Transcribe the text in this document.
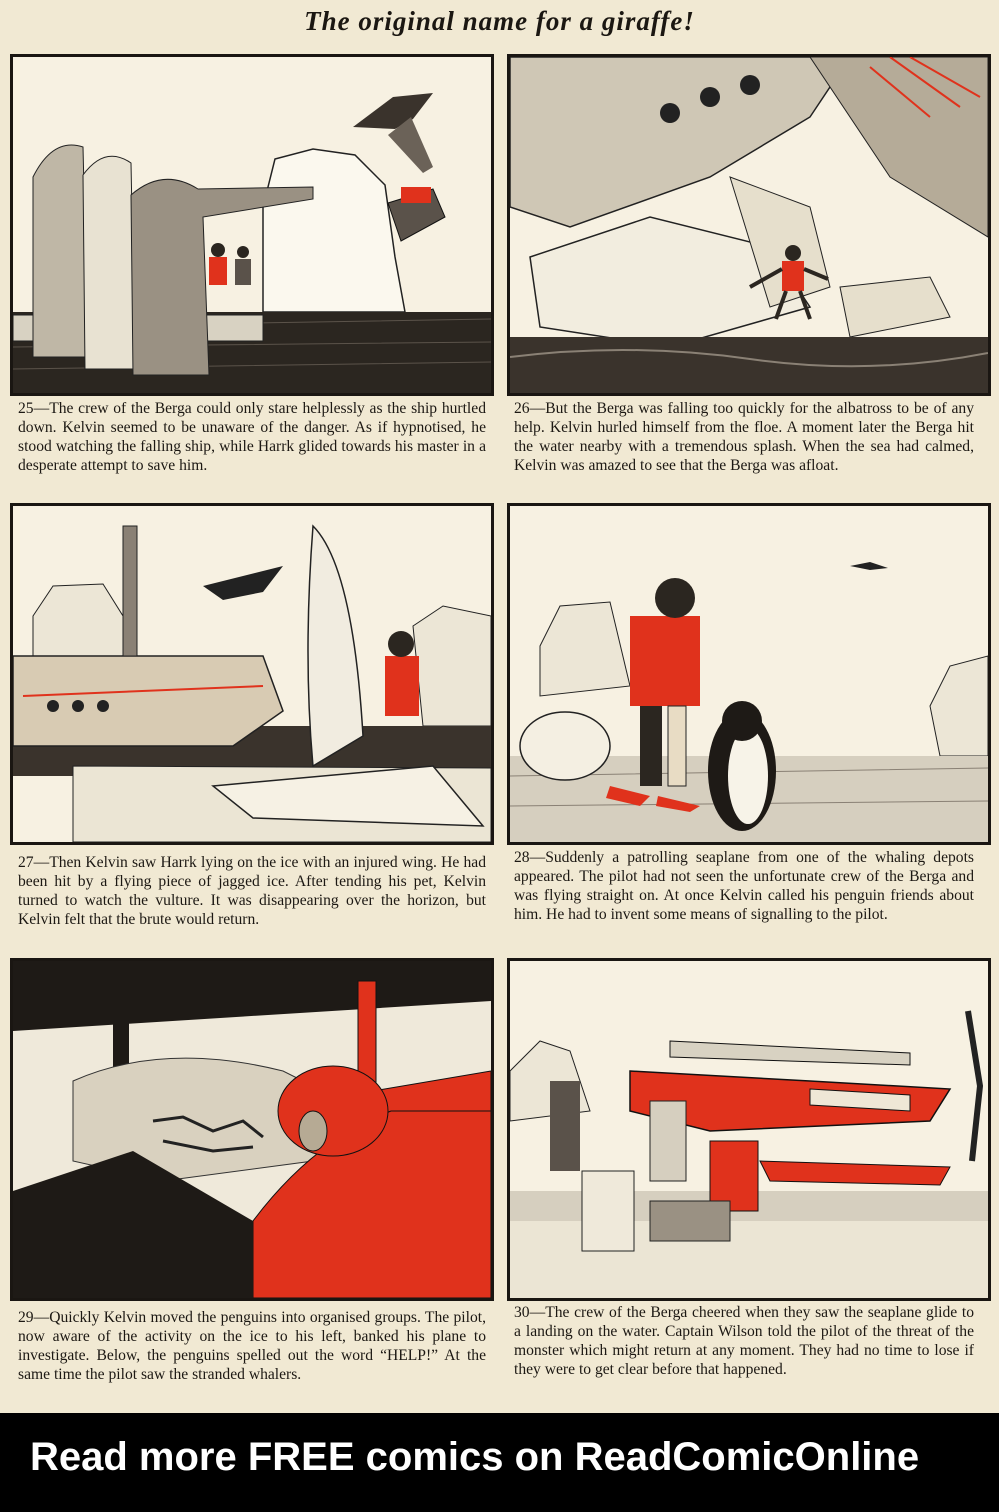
The original name for a giraffe!
25—The crew of the Berga could only stare helplessly as the ship hurtled down. Kelvin seemed to be unaware of the danger. As if hypnotised, he stood watching the falling ship, while Harrk glided towards his master in a desperate attempt to save him.
26—But the Berga was falling too quickly for the albatross to be of any help. Kelvin hurled himself from the floe. A moment later the Berga hit the water nearby with a tremendous splash. When the sea had calmed, Kelvin was amazed to see that the Berga was afloat.
27—Then Kelvin saw Harrk lying on the ice with an injured wing. He had been hit by a flying piece of jagged ice. After tending his pet, Kelvin turned to watch the vulture. It was disappearing over the horizon, but Kelvin felt that the brute would return.
28—Suddenly a patrolling seaplane from one of the whaling depots appeared. The pilot had not seen the unfortunate crew of the Berga and was flying straight on. At once Kelvin called his penguin friends about him. He had to invent some means of signalling to the pilot.
29—Quickly Kelvin moved the penguins into organised groups. The pilot, now aware of the activity on the ice to his left, banked his plane to investigate. Below, the penguins spelled out the word “HELP!” At the same time the pilot saw the stranded whalers.
30—The crew of the Berga cheered when they saw the seaplane glide to a landing on the water. Captain Wilson told the pilot of the threat of the monster which might return at any moment. They had no time to lose if they were to get clear before that happened.
Read more FREE comics on ReadComicOnline
